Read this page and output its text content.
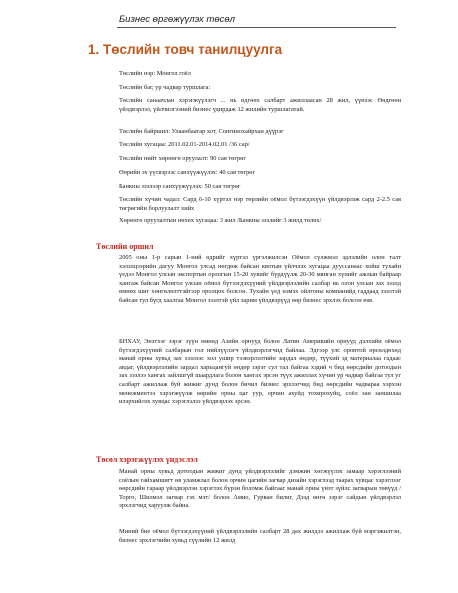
Бизнес өргөжүүлэх төсөл
1. Төслийн товч танилцуулга
Төслийн нэр: Монгол гоёл
Төслийн баг, ур чадвар туршлага:
Төслийн санаачлан хэрэгжүүлэгч ... нь өдгөөх салбарт ажиллаасан 28 жил, үүнээс Өөдгөөн үйлдвэрлэл, үйлчилгээний бизнес удирдаж 12 жилийн туршлагатай.
Төслийн байршил: Улаанбаатар хот, Сонгинохайрхан дүүрэг
Төслийн хугацаа: 2011.02.01-2014.02.01 /36 сар/
Төслийн нийт хөрөнгө оруулалт: 90 сая төгрөг
Өөрийн эх үүсвэрээс санхүүжүүлэх: 40 сая төгрөг
Банкны зээлээр санхүүжүүлэх: 50 сая төгрөг
Төслийн хүчин чадал: Сард 6-10 хүртэл нэр төрлийн оёмол бүтээгдэхүүн үйлдвэрлэж сард 2-2.5 сая төгрөгийн борлуулалт хийх
Хөрөнгө оруулалтын нөхөх хугацаа: 3 жил /Банкны зээлийг 3 жилд төлөх/
Төслийн оршил
2005 оны 1-р сарын 1-ний өдрийг хүртэл үргэлжилсэн Оёмол сүлжмэл эдлэлийн олон талт хэлэлцээрийн дагуу Монгол улсад нөгдөж байсан квотын үйлчлэх хугацаа дууссанаас хойш тухайн үедээ Монгол улсын экспортын орлогын 15-20 хувийг бүрдүүлж 20-30 мянган хүнийг ажлын байраар хангаж байсан Монгол улсын оёмол бүтээгдэхүүний үйлдвэрлэлийн салбар нь олон улсын зах зээлд өмнөх шиг хөнгөлөлттэйгээр оролцох болсон. Тухайн үед нэмэх ойлгоны компанийд гаддаад зээлтэй байсан тул бүгд хаалгаа Монгол зээлтэй үйл зарим үйлдвэрүүд өөр бизнес эрхлэх болсон юм.
БНХАУ, Энэтхэг зэрэг зүүн өмнөд Азийн орнууд болон Латин Америкийн орнууд дэлхийн оёмол бүтээгдэхүүний салбарын гол нийлүүлэгч үйлдвэрлэгчид байлаа. Эдгээр улс оронтой өрсөлдөхөд манай орны хувьд зах зээлээс хол ушир тээвэрлэлтийн зардал өндөр, түүхий эд материалаа гадаас авдаг, үйлдвэрлэлийн зардал харьцангуй өндөр зэрэг сул тал байгаа хэдий ч бид өөрсдийн дотоодын зах зээлээ хангах зайлшгүй шаардлага болон хангах эрсэн түүх ажиллах хүчин ур чадвар байгаа тул уг салбарт ажиллаж буй жижиг дунд болон бичил бизнес эрхлэгчид бид өөрсдийн чадвараа хэрхэн менежментээ хэрэгжүүлж өөрийн орны цаг уур, орчин ахуйд тохирохуйц, соёл зан заншилаа илэрхийлэх хувцас хэрэглэлээ үйлдвэрлэх эрсэн.
Төсөл хэрэгжүүлэх үндэслэл
Манай орны хувьд дотоодын жижиг дунд үйлдвэрлэлийг дэмжин хөгжүүлэх замаар хэрэглээний соёлын гайхамшигт өв уламжлал болон орчин цагийн загвар дизайн хэрэглээд таарах хувцас хэрэглээг өөрсдийн гараар үйлдвэрлэн хэрэглэх бүрэн боломж байгааг манай орны үнэт зүйлс загварын төвүүд /Торго, Шилмэл загвар гэх мэт/ болон Амио, Гурван билиг, Дээд өнгө зэрэг сайдын үйлдвэрлэл эрхлэгчид харуулж байна.
Миний бие оёмол бүтээгдэхүүний үйлдвэрлэлийн салбарт 28 дах жилдээ ажиллаж буй мэргэжилтэн, бизнес эрхлэгчийн хувьд сүүлийн 12 жилд
